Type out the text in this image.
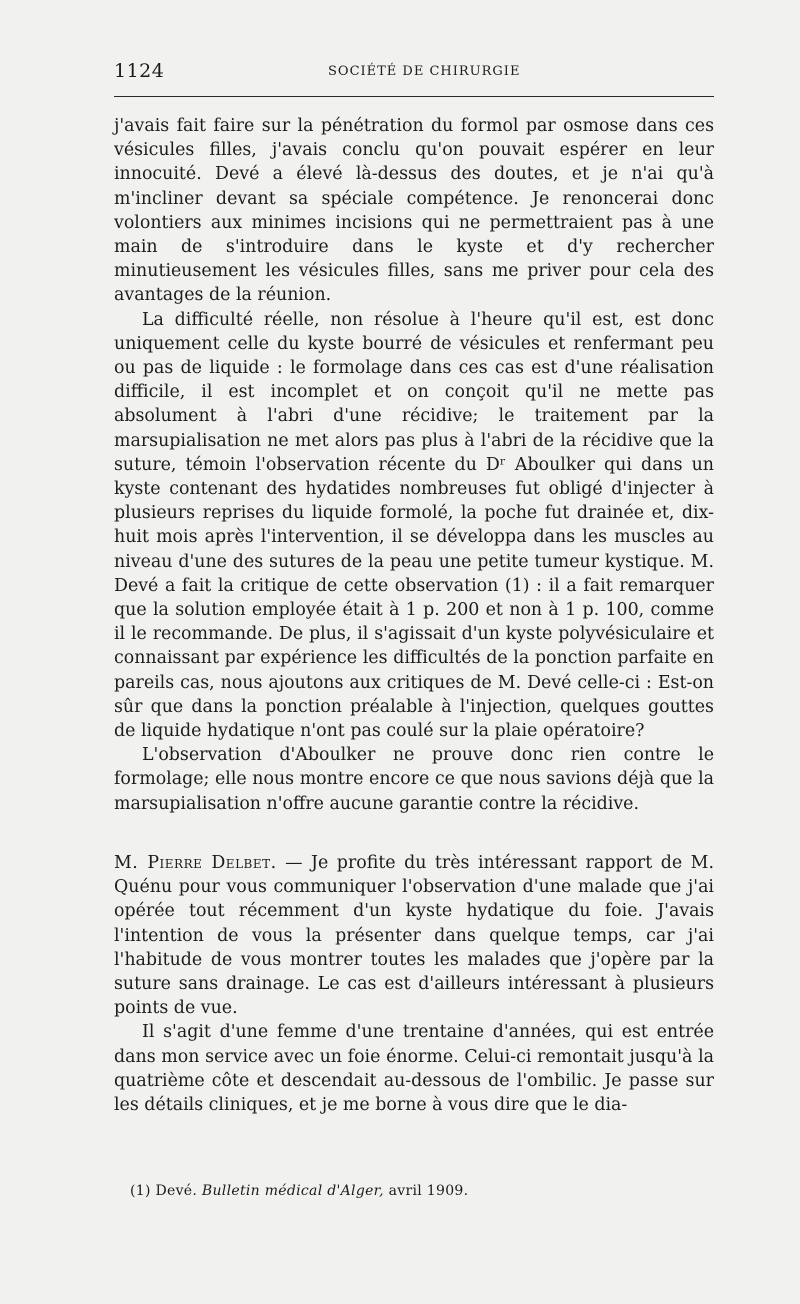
1124	SOCIÉTÉ DE CHIRURGIE

j'avais fait faire sur la pénétration du formol par osmose dans ces vésicules filles, j'avais conclu qu'on pouvait espérer en leur innocuité. Devé a élevé là-dessus des doutes, et je n'ai qu'à m'incliner devant sa spéciale compétence. Je renoncerai donc volontiers aux minimes incisions qui ne permettraient pas à une main de s'introduire dans le kyste et d'y rechercher minutieusement les vésicules filles, sans me priver pour cela des avantages de la réunion.

La difficulté réelle, non résolue à l'heure qu'il est, est donc uniquement celle du kyste bourré de vésicules et renfermant peu ou pas de liquide : le formolage dans ces cas est d'une réalisation difficile, il est incomplet et on conçoit qu'il ne mette pas absolument à l'abri d'une récidive; le traitement par la marsupialisation ne met alors pas plus à l'abri de la récidive que la suture, témoin l'observation récente du Dʳ Aboulker qui dans un kyste contenant des hydatides nombreuses fut obligé d'injecter à plusieurs reprises du liquide formolé, la poche fut drainée et, dix-huit mois après l'intervention, il se développa dans les muscles au niveau d'une des sutures de la peau une petite tumeur kystique. M. Devé a fait la critique de cette observation (1) : il a fait remarquer que la solution employée était à 1 p. 200 et non à 1 p. 100, comme il le recommande. De plus, il s'agissait d'un kyste polyvésiculaire et connaissant par expérience les difficultés de la ponction parfaite en pareils cas, nous ajoutons aux critiques de M. Devé celle-ci : Est-on sûr que dans la ponction préalable à l'injection, quelques gouttes de liquide hydatique n'ont pas coulé sur la plaie opératoire?

L'observation d'Aboulker ne prouve donc rien contre le formolage; elle nous montre encore ce que nous savions déjà que la marsupialisation n'offre aucune garantie contre la récidive.

M. Pierre Delbet. — Je profite du très intéressant rapport de M. Quénu pour vous communiquer l'observation d'une malade que j'ai opérée tout récemment d'un kyste hydatique du foie. J'avais l'intention de vous la présenter dans quelque temps, car j'ai l'habitude de vous montrer toutes les malades que j'opère par la suture sans drainage. Le cas est d'ailleurs intéressant à plusieurs points de vue.

Il s'agit d'une femme d'une trentaine d'années, qui est entrée dans mon service avec un foie énorme. Celui-ci remontait jusqu'à la quatrième côte et descendait au-dessous de l'ombilic. Je passe sur les détails cliniques, et je me borne à vous dire que le dia-

(1) Devé. Bulletin médical d'Alger, avril 1909.
